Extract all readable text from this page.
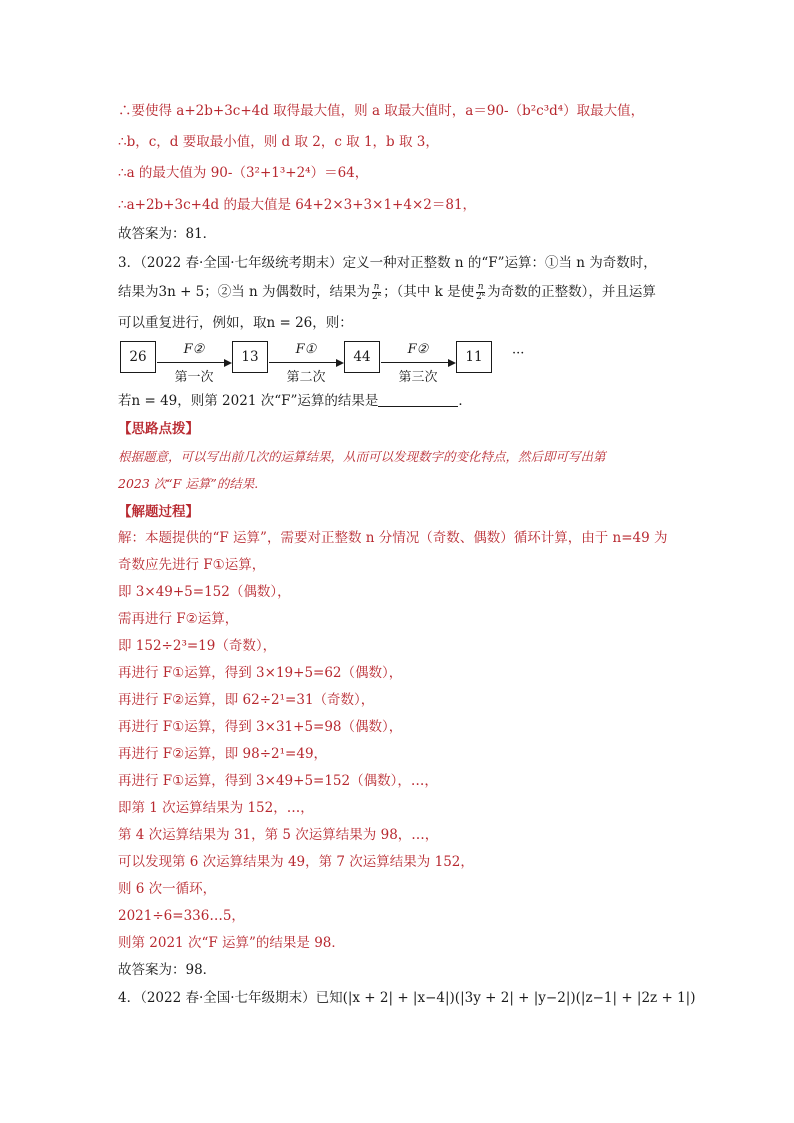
∴要使得 a+2b+3c+4d 取得最大值，则 a 取最大值时，a＝90-（b²c³d⁴）取最大值，
∴b，c，d 要取最小值，则 d 取 2，c 取 1，b 取 3，
∴a 的最大值为 90-（3²+1³+2⁴）＝64，
∴a+2b+3c+4d 的最大值是 64+2×3+3×1+4×2＝81，
故答案为：81．
3．（2022 春·全国·七年级统考期末）定义一种对正整数 n 的“F”运算：①当 n 为奇数时，
结果为3n + 5；②当 n 为偶数时，结果为 $\frac{n}{\text{2ᵏ}}$ ；（其中 k 是使 $\frac{n}{\text{2ᵏ}}$ 为奇数的正整数），并且运算
可以重复进行，例如，取n = 26，则：
26	F②
第一次
13	F①
第二次
44	F②
第三次
11	···
若n = 49，则第 2021 次“F”运算的结果是	．
【思路点拨】
根据题意，可以写出前几次的运算结果，从而可以发现数字的变化特点，然后即可写出第
2023 次“F 运算”的结果.
【解题过程】
解：本题提供的“F 运算”，需要对正整数 n 分情况（奇数、偶数）循环计算，由于 n=49 为
奇数应先进行 F①运算，
即 3×49+5=152（偶数），
需再进行 F②运算，
即 152÷2³=19（奇数），
再进行 F①运算，得到 3×19+5=62（偶数），
再进行 F②运算，即 62÷2¹=31（奇数），
再进行 F①运算，得到 3×31+5=98（偶数），
再进行 F②运算，即 98÷2¹=49，
再进行 F①运算，得到 3×49+5=152（偶数），…，
即第 1 次运算结果为 152，…，
第 4 次运算结果为 31，第 5 次运算结果为 98，…，
可以发现第 6 次运算结果为 49，第 7 次运算结果为 152，
则 6 次一循环，
2021÷6=336…5，
则第 2021 次“F 运算”的结果是 98．
故答案为：98．
4．（2022 春·全国·七年级期末）已知(|x + 2| + |x−4|)(|3y + 2| + |y−2|)(|z−1| + |2z + 1|)
